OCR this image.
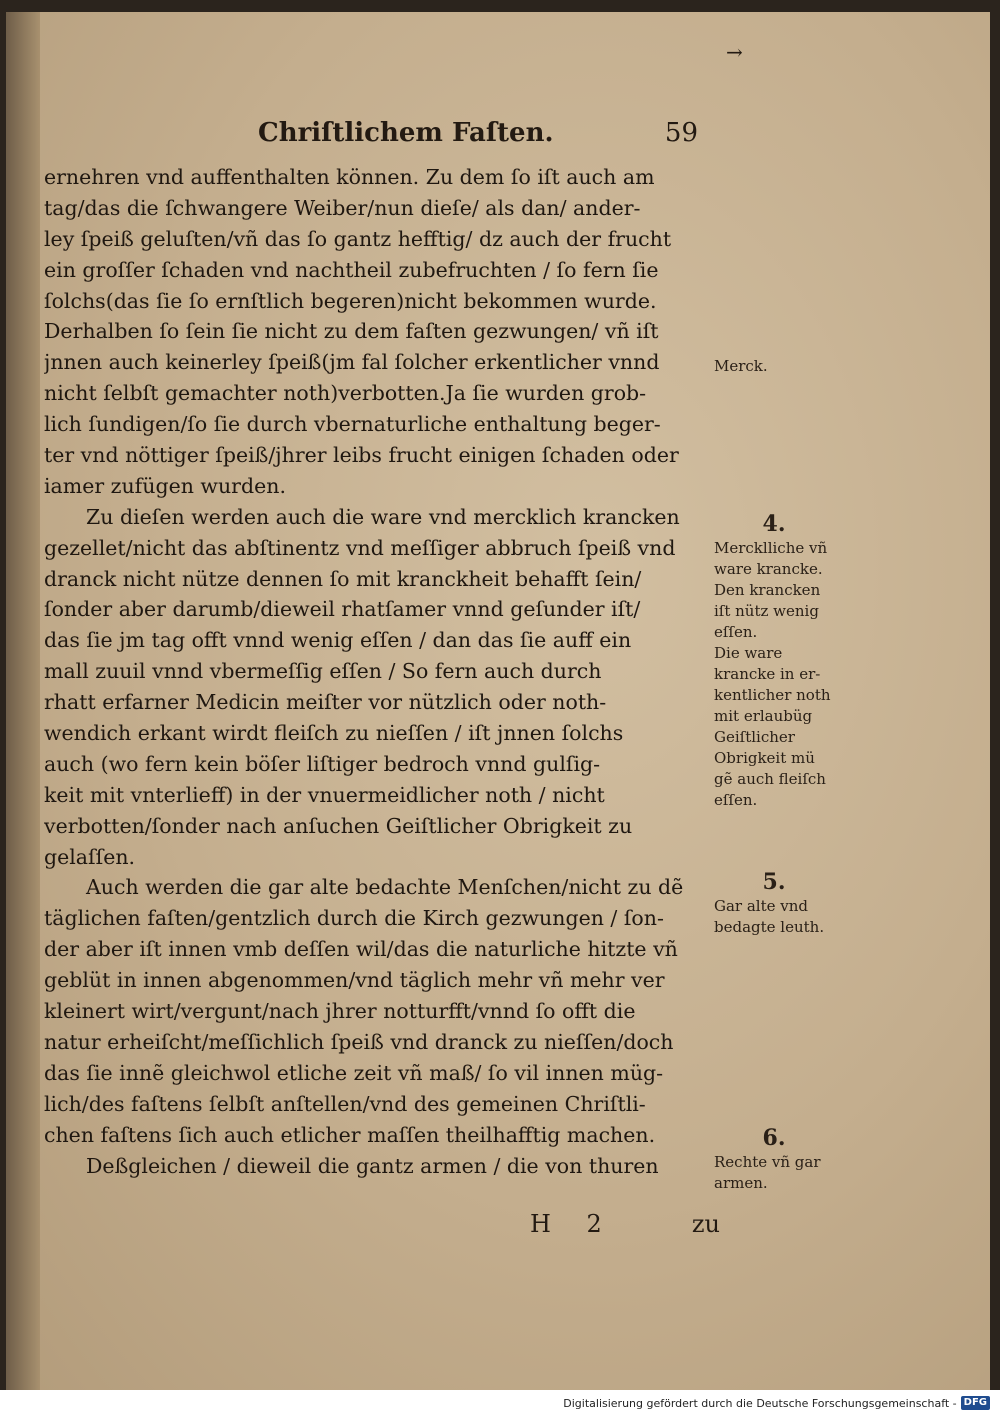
→
Chriſtlichem Faſten.	59
ernehren vnd auffenthalten können. Zu dem ſo iſt auch am
tag/das die ſchwangere Weiber/nun dieſe/ als dan/ ander-
ley ſpeiß geluſten/vñ das ſo gantz hefftig/ dz auch der frucht
ein groſſer ſchaden vnd nachtheil zubefruchten / ſo fern ſie
ſolchs(das ſie ſo ernſtlich begeren)nicht bekommen wurde.
Derhalben ſo ſein ſie nicht zu dem faſten gezwungen/ vñ iſt
jnnen auch keinerley ſpeiß(jm fal ſolcher erkentlicher vnnd
nicht ſelbſt gemachter noth)verbotten.Ja ſie wurden grob-
lich ſundigen/ſo ſie durch vbernaturliche enthaltung beger-
ter vnd nöttiger ſpeiß/jhrer leibs frucht einigen ſchaden oder
iamer zufügen wurden.
Zu dieſen werden auch die ware vnd mercklich krancken
gezellet/nicht das abſtinentz vnd meſſiger abbruch ſpeiß vnd
dranck nicht nütze dennen ſo mit kranckheit behafft ſein/
ſonder aber darumb/dieweil rhatſamer vnnd geſunder iſt/
das ſie jm tag offt vnnd wenig eſſen / dan das ſie auff ein
mall zuuil vnnd vbermeſſig eſſen / So fern auch durch
rhatt erfarner Medicin meiſter vor nützlich oder noth-
wendich erkant wirdt fleiſch zu nieſſen / iſt jnnen ſolchs
auch (wo fern kein böſer liſtiger bedroch vnnd gulſig-
keit mit vnterlieff) in der vnuermeidlicher noth / nicht
verbotten/ſonder nach anſuchen Geiſtlicher Obrigkeit zu
gelaſſen.
Auch werden die gar alte bedachte Menſchen/nicht zu dẽ
täglichen faſten/gentzlich durch die Kirch gezwungen / ſon-
der aber iſt innen vmb deſſen wil/das die naturliche hitzte vñ
geblüt in innen abgenommen/vnd täglich mehr vñ mehr ver
kleinert wirt/vergunt/nach jhrer notturfft/vnnd ſo offt die
natur erheiſcht/meſſichlich ſpeiß vnd dranck zu nieſſen/doch
das ſie innẽ gleichwol etliche zeit vñ maß/ ſo vil innen müg-
lich/des faſtens ſelbſt anſtellen/vnd des gemeinen Chriſtli-
chen faſtens ſich auch etlicher maſſen theilhafftig machen.
Deßgleichen / dieweil die gantz armen / die von thuren
Merck.
4.
Mercklliche vñ
ware krancke.
Den krancken
iſt nütz wenig
eſſen.
Die ware
krancke in er-
kentlicher noth
mit erlaubüg
Geiſtlicher
Obrigkeit mü
gẽ auch fleiſch
eſſen.
5.
Gar alte vnd
bedagte leuth.
6.
Rechte vñ gar
armen.
H 2	zu
Digitalisierung gefördert durch die Deutsche Forschungsgemeinschaft - DFG
